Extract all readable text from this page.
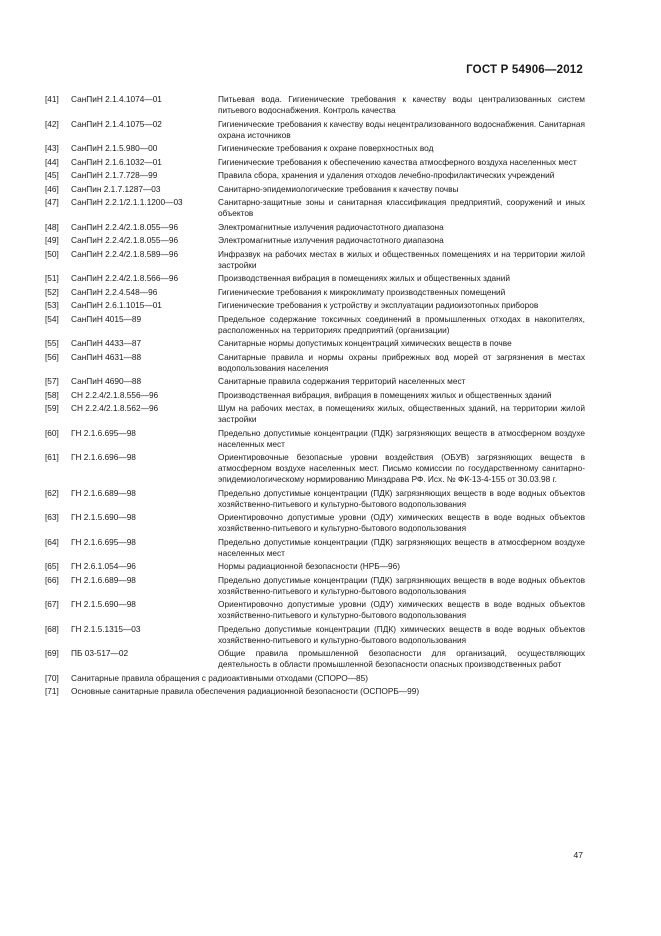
ГОСТ Р 54906—2012
[41]	СанПиН 2.1.4.1074—01	Питьевая вода. Гигиенические требования к качеству воды централизованных систем питьевого водоснабжения. Контроль качества
[42]	СанПиН 2.1.4.1075—02	Гигиенические требования к качеству воды нецентрализованного водоснабжения. Санитарная охрана источников
[43]	СанПиН 2.1.5.980—00	Гигиенические требования к охране поверхностных вод
[44]	СанПиН 2.1.6.1032—01	Гигиенические требования к обеспечению качества атмосферного воздуха населенных мест
[45]	СанПиН 2.1.7.728—99	Правила сбора, хранения и удаления отходов лечебно-профилактических учреждений
[46]	СанПин 2.1.7.1287—03	Санитарно-эпидемиологические требования к качеству почвы
[47]	СанПиН 2.2.1/2.1.1.1200—03	Санитарно-защитные зоны и санитарная классификация предприятий, сооружений и иных объектов
[48]	СанПиН 2.2.4/2.1.8.055—96	Электромагнитные излучения радиочастотного диапазона
[49]	СанПиН 2.2.4/2.1.8.055—96	Электромагнитные излучения радиочастотного диапазона
[50]	СанПиН 2.2.4/2.1.8.589—96	Инфразвук на рабочих местах в жилых и общественных помещениях и на территории жилой застройки
[51]	СанПиН 2.2.4/2.1.8.566—96	Производственная вибрация в помещениях жилых и общественных зданий
[52]	СанПиН 2.2.4.548—96	Гигиенические требования к микроклимату производственных помещений
[53]	СанПиН 2.6.1.1015—01	Гигиенические требования к устройству и эксплуатации радиоизотопных приборов
[54]	СанПиН 4015—89	Предельное содержание токсичных соединений в промышленных отходах в накопителях, расположенных на территориях предприятий (организации)
[55]	СанПиН 4433—87	Санитарные нормы допустимых концентраций химических веществ в почве
[56]	СанПиН 4631—88	Санитарные правила и нормы охраны прибрежных вод морей от загрязнения в местах водопользования населения
[57]	СанПиН 4690—88	Санитарные правила содержания территорий населенных мест
[58]	СН 2.2.4/2.1.8.556—96	Производственная вибрация, вибрация в помещениях жилых и общественных зданий
[59]	СН 2.2.4/2.1.8.562—96	Шум на рабочих местах, в помещениях жилых, общественных зданий, на территории жилой застройки
[60]	ГН 2.1.6.695—98	Предельно допустимые концентрации (ПДК) загрязняющих веществ в атмосферном воздухе населенных мест
[61]	ГН 2.1.6.696—98	Ориентировочные безопасные уровни воздействия (ОБУВ) загрязняющих веществ в атмосферном воздухе населенных мест. Письмо комиссии по государственному санитарно-эпидемиологическому нормированию Минздрава РФ. Исх. № ФК-13-4-155 от 30.03.98 г.
[62]	ГН 2.1.6.689—98	Предельно допустимые концентрации (ПДК) загрязняющих веществ в воде водных объектов хозяйственно-питьевого и культурно-бытового водопользования
[63]	ГН 2.1.5.690—98	Ориентировочно допустимые уровни (ОДУ) химических веществ в воде водных объектов хозяйственно-питьевого и культурно-бытового водопользования
[64]	ГН 2.1.6.695—98	Предельно допустимые концентрации (ПДК) загрязняющих веществ в атмосферном воздухе населенных мест
[65]	ГН 2.6.1.054—96	Нормы радиационной безопасности (НРБ—96)
[66]	ГН 2.1.6.689—98	Предельно допустимые концентрации (ПДК) загрязняющих веществ в воде водных объектов хозяйственно-питьевого и культурно-бытового водопользования
[67]	ГН 2.1.5.690—98	Ориентировочно допустимые уровни (ОДУ) химических веществ в воде водных объектов хозяйственно-питьевого и культурно-бытового водопользования
[68]	ГН 2.1.5.1315—03	Предельно допустимые концентрации (ПДК) химических веществ в воде водных объектов хозяйственно-питьевого и культурно-бытового водопользования
[69]	ПБ 03-517—02	Общие правила промышленной безопасности для организаций, осуществляющих деятельность в области промышленной безопасности опасных производственных работ
[70]	Санитарные правила обращения с радиоактивными отходами (СПОРО—85)
[71]	Основные санитарные правила обеспечения радиационной безопасности (ОСПОРБ—99)
47
